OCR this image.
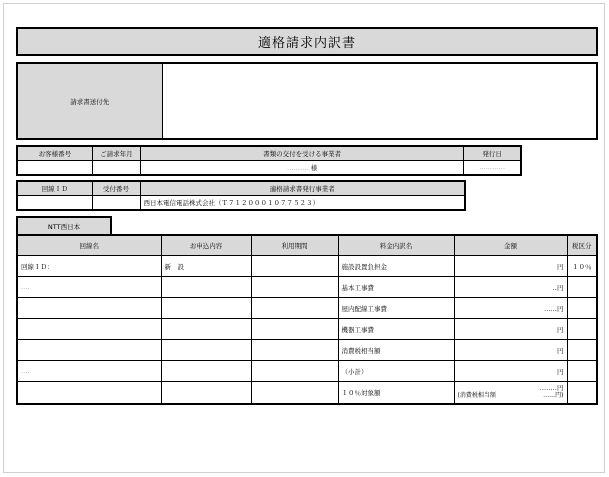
適格請求内訳書
請求書送付先	
お客様番号	ご請求年月	書類の交付を受ける事業者	発行日
		‥‥‥‥‥ 様	‥‥‥‥‥‥
回線ＩＤ	受付番号	適格請求書発行事業者
		西日本電信電話株式会社（Ｔ７１２０００１０７７５２３）
NTT西日本
回線名	お申込内容	利用期間	料金内訳名	金額	税区分
回線ＩＤ：	新　設		施設設置負担金	円	１０％
‥‥			基本工事費	‥円	
			屋内配線工事費	‥‥‥円	
			機器工事費	円	
			消費税相当額	円	
‥‥			（小計）	円	
			１０％対象額	‥‥‥‥円
(消費税相当額 ‥‥‥円)	
